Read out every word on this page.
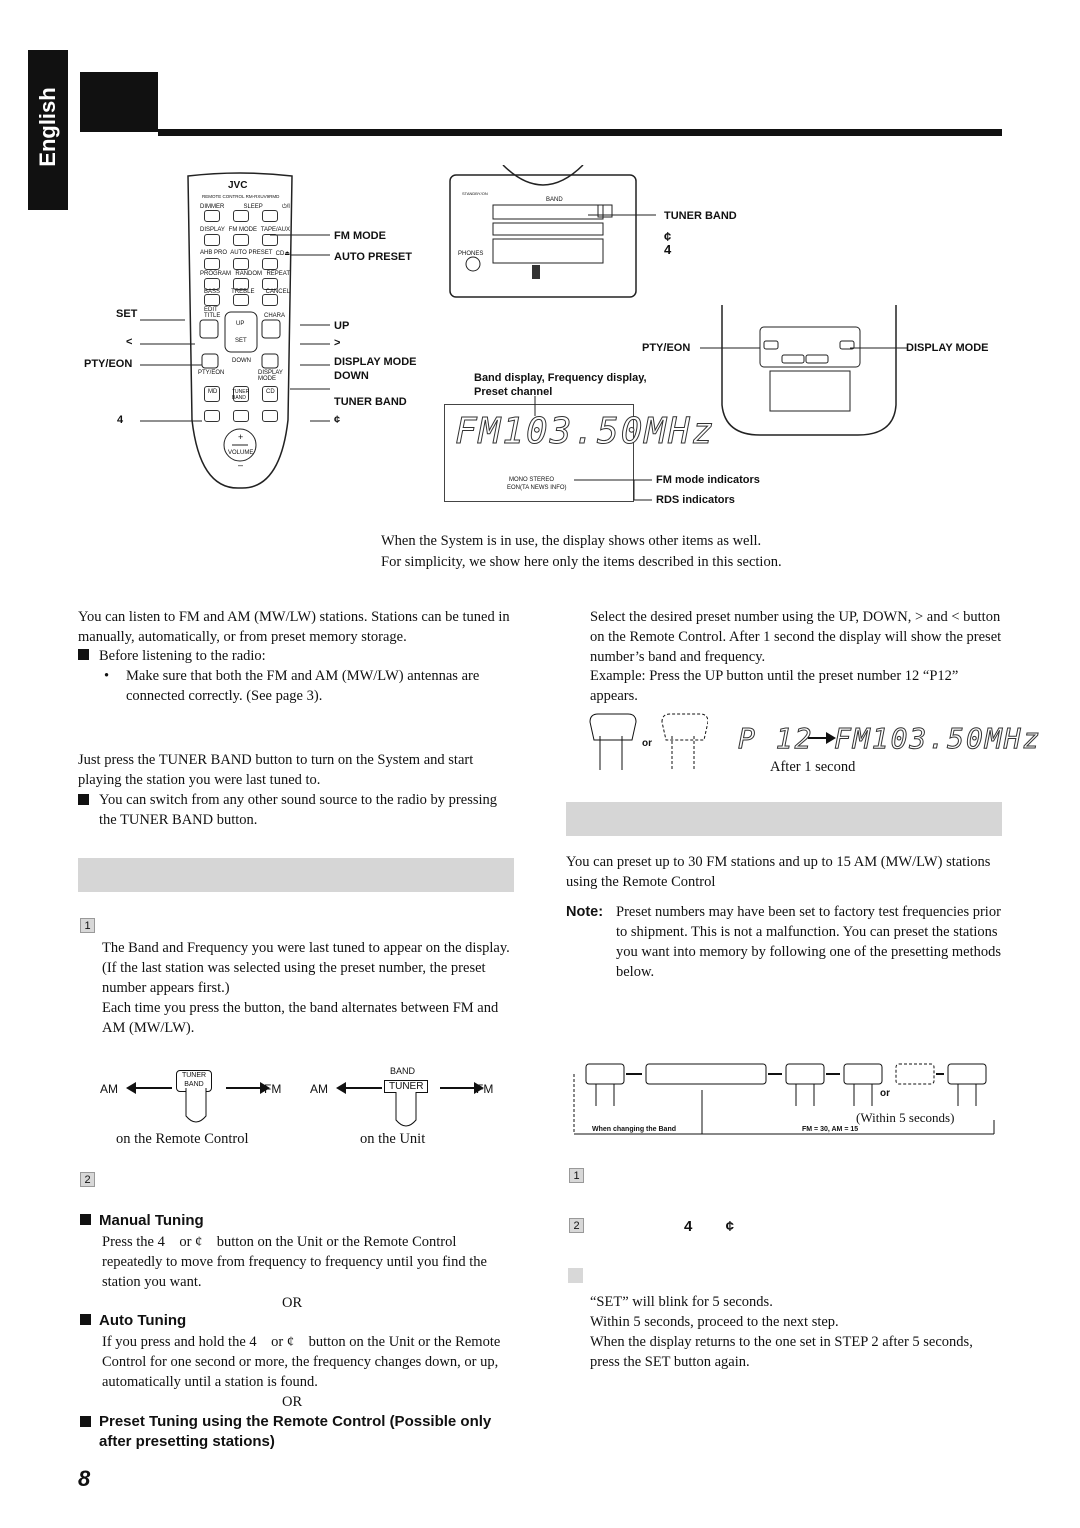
English
JVC
REMOTE CONTROL RM-RXUV9RMD
DIMMER	SLEEP	⏻/I
DISPLAY FM MODE TAPE/AUX
AHB PRO AUTO PRESET CD⏏
PROGRAM RANDOM REPEAT
BASS TREBLE CANCEL
EDIT
TITLE	CHARA
UP
SET
DOWN
PTY/EON	DISPLAY MODE
MD	TUNER BAND
CD
+
VOLUME
–
SET
<
PTY/EON
4
FM MODE
AUTO PRESET
UP
>
DISPLAY MODE
DOWN
TUNER BAND
¢
STANDBY/ON
BAND
PHONES
TUNER BAND
¢
4
Band display, Frequency display,
Preset channel
FM103.50MHz
MONO STEREO
EON(TA NEWS INFO)
FM mode indicators
RDS indicators
PTY/EON	DISPLAY MODE
When the System is in use, the display shows other items as well.
For simplicity, we show here only the items described in this section.
You can listen to FM and AM (MW/LW) stations. Stations can be tuned in manually, automatically, or from preset memory storage.
Before listening to the radio:
•	Make sure that both the FM and AM (MW/LW) antennas are connected correctly. (See page 3).
Just press the TUNER BAND button to turn on the System and start playing the station you were last tuned to.
You can switch from any other sound source to the radio by pressing the TUNER BAND button.
1
The Band and Frequency you were last tuned to appear on the display.
(If the last station was selected using the preset number, the preset number appears first.)
Each time you press the button, the band alternates between FM and AM (MW/LW).
AM
TUNER
BAND	FM AM
BAND
TUNER	FM
on the Remote Control	on the Unit
2
Manual Tuning
Press the 4    or ¢    button on the Unit or the Remote Control repeatedly to move from frequency to frequency until you find the station you want.
OR
Auto Tuning
If you press and hold the 4    or ¢    button on the Unit or the Remote Control for one second or more, the frequency changes down, or up, automatically until a station is found.
OR
Preset Tuning using the Remote Control (Possible only after presetting stations)
Select the desired preset number using the UP, DOWN, > and < button on the Remote Control. After 1 second the display will show the preset number’s band and frequency.
Example: Press the UP button until the preset number 12 “P12” appears.
or	P 12 FM103.50MHz
After 1 second
You can preset up to 30 FM stations and up to 15 AM (MW/LW) stations using the Remote Control
Note: Preset numbers may have been set to factory test frequencies prior to shipment. This is not a malfunction. You can preset the stations you want into memory by following one of the presetting methods below.
or
(Within 5 seconds)
When changing the Band	FM = 30, AM = 15
1
2	4        ¢
“SET” will blink for 5 seconds.
Within 5 seconds, proceed to the next step.
When the display returns to the one set in STEP 2 after 5 seconds, press the SET button again.
8
